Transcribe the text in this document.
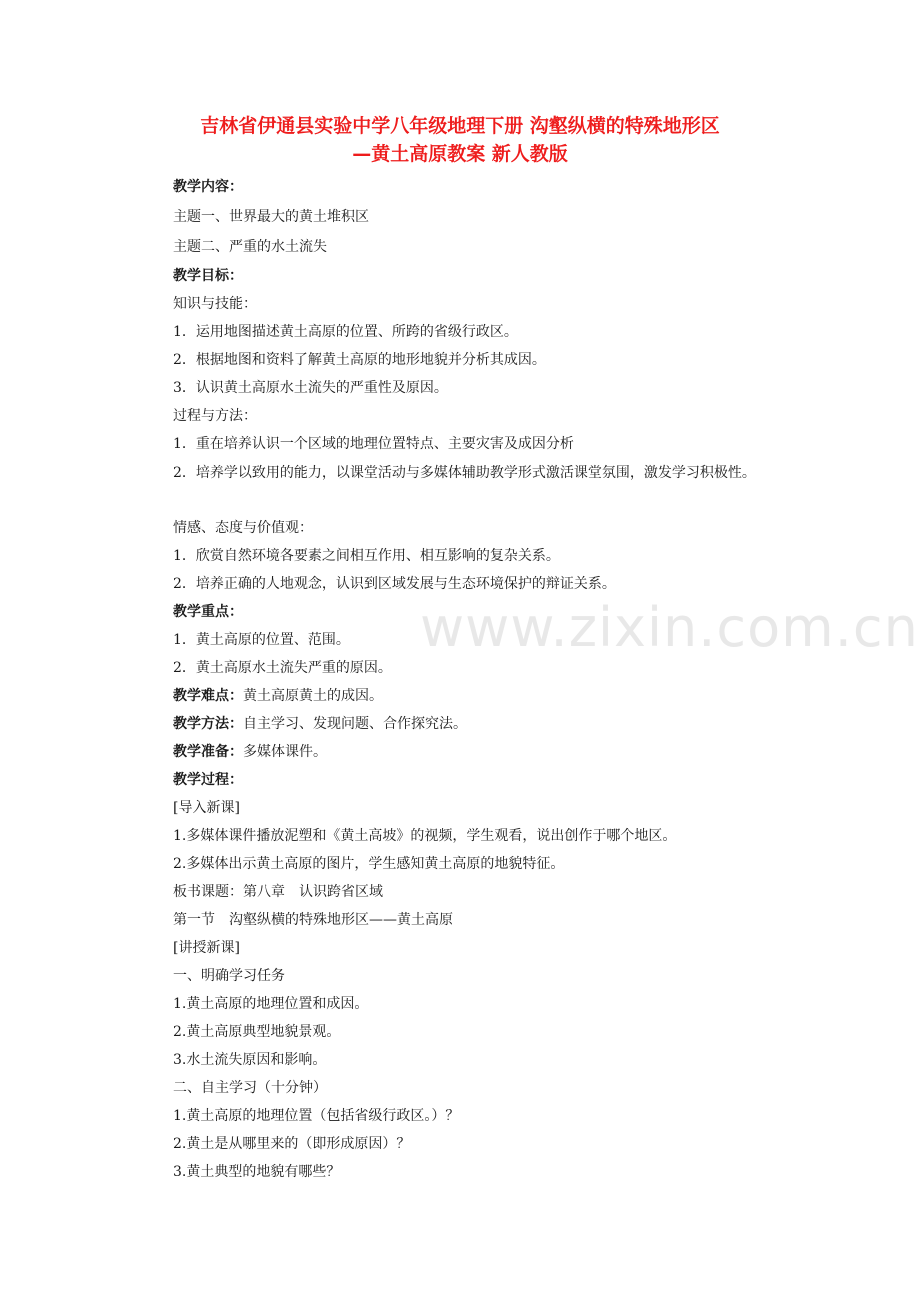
吉林省伊通县实验中学八年级地理下册 沟壑纵横的特殊地形区
—黄土高原教案 新人教版
教学内容：
主题一、世界最大的黄土堆积区
主题二、严重的水土流失
教学目标：
知识与技能：
1．运用地图描述黄土高原的位置、所跨的省级行政区。
2．根据地图和资料了解黄土高原的地形地貌并分析其成因。
3．认识黄土高原水土流失的严重性及原因。
过程与方法：
1．重在培养认识一个区域的地理位置特点、主要灾害及成因分析
2．培养学以致用的能力，以课堂活动与多媒体辅助教学形式激活课堂氛围，激发学习积极性。
情感、态度与价值观：
1．欣赏自然环境各要素之间相互作用、相互影响的复杂关系。
2．培养正确的人地观念，认识到区域发展与生态环境保护的辩证关系。
教学重点：
1．黄土高原的位置、范围。
2．黄土高原水土流失严重的原因。
教学难点：黄土高原黄土的成因。
教学方法：自主学习、发现问题、合作探究法。
教学准备：多媒体课件。
教学过程：
[导入新课]
1.多媒体课件播放泥塑和《黄土高坡》的视频，学生观看，说出创作于哪个地区。
2.多媒体出示黄土高原的图片，学生感知黄土高原的地貌特征。
板书课题：第八章　认识跨省区域
第一节　沟壑纵横的特殊地形区——黄土高原
[讲授新课]
一、明确学习任务
1.黄土高原的地理位置和成因。
2.黄土高原典型地貌景观。
3.水土流失原因和影响。
二、自主学习（十分钟）
1.黄土高原的地理位置（包括省级行政区。）？
2.黄土是从哪里来的（即形成原因）？
3.黄土典型的地貌有哪些？
www.zixin.com.cn
